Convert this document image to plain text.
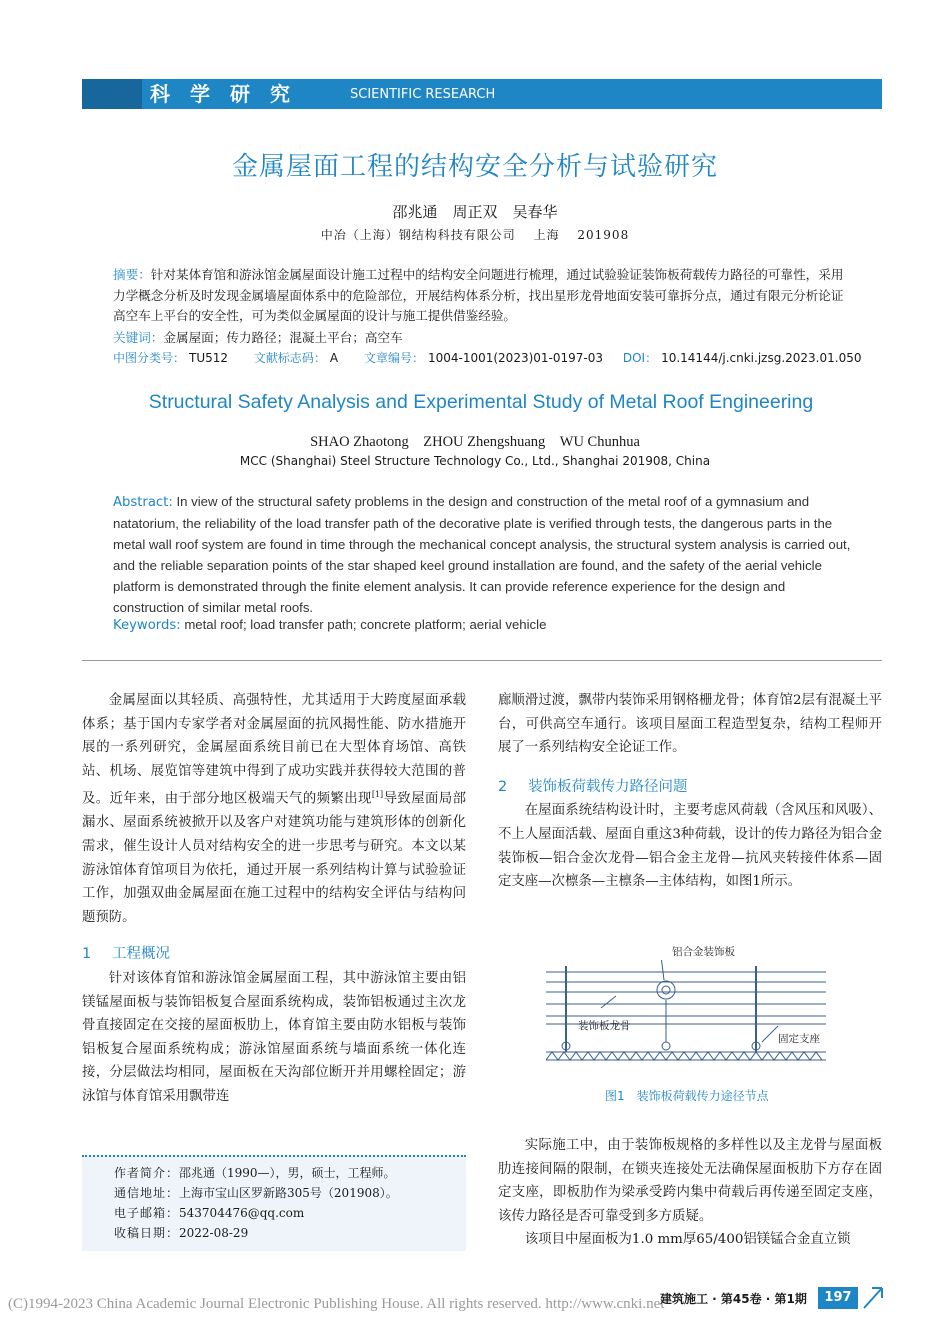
科学研究	SCIENTIFIC RESEARCH
金属屋面工程的结构安全分析与试验研究
邵兆通　周正双　吴春华
中冶（上海）钢结构科技有限公司　 上海　 201908
摘要：针对某体育馆和游泳馆金属屋面设计施工过程中的结构安全问题进行梳理，通过试验验证装饰板荷载传力路径的可靠性，采用力学概念分析及时发现金属墙屋面体系中的危险部位，开展结构体系分析，找出星形龙骨地面安装可靠拆分点，通过有限元分析论证高空车上平台的安全性，可为类似金属屋面的设计与施工提供借鉴经验。
关键词：金属屋面；传力路径；混凝土平台；高空车
中图分类号： TU512 文献标志码： A 文章编号： 1004-1001(2023)01-0197-03 DOI： 10.14144/j.cnki.jzsg.2023.01.050
Structural Safety Analysis and Experimental Study of Metal Roof Engineering
SHAO Zhaotong　ZHOU Zhengshuang　WU Chunhua
MCC (Shanghai) Steel Structure Technology Co., Ltd., Shanghai 201908, China
Abstract: In view of the structural safety problems in the design and construction of the metal roof of a gymnasium and natatorium, the reliability of the load transfer path of the decorative plate is verified through tests, the dangerous parts in the metal wall roof system are found in time through the mechanical concept analysis, the structural system analysis is carried out, and the reliable separation points of the star shaped keel ground installation are found, and the safety of the aerial vehicle platform is demonstrated through the finite element analysis. It can provide reference experience for the design and construction of similar metal roofs.
Keywords: metal roof; load transfer path; concrete platform; aerial vehicle

金属屋面以其轻质、高强特性，尤其适用于大跨度屋面承载体系；基于国内专家学者对金属屋面的抗风揭性能、防水措施开展的一系列研究，金属屋面系统目前已在大型体育场馆、高铁站、机场、展览馆等建筑中得到了成功实践并获得较大范围的普及。近年来，由于部分地区极端天气的频繁出现[1]导致屋面局部漏水、屋面系统被掀开以及客户对建筑功能与建筑形体的创新化需求，催生设计人员对结构安全的进一步思考与研究。本文以某游泳馆体育馆项目为依托，通过开展一系列结构计算与试验验证工作，加强双曲金属屋面在施工过程中的结构安全评估与结构问题预防。

1 工程概况

针对该体育馆和游泳馆金属屋面工程，其中游泳馆主要由铝镁锰屋面板与装饰铝板复合屋面系统构成，装饰铝板通过主次龙骨直接固定在交接的屋面板肋上，体育馆主要由防水铝板与装饰铝板复合屋面系统构成；游泳馆屋面系统与墙面系统一体化连接，分层做法均相同，屋面板在天沟部位断开并用螺栓固定；游泳馆与体育馆采用飘带连

作者简介：邵兆通（1990—），男，硕士，工程师。
通信地址：上海市宝山区罗新路305号（201908）。
电子邮箱：543704476@qq.com
收稿日期：2022-08-29

廊顺滑过渡，飘带内装饰采用钢格栅龙骨；体育馆2层有混凝土平台，可供高空车通行。该项目屋面工程造型复杂，结构工程师开展了一系列结构安全论证工作。

2 装饰板荷载传力路径问题

在屋面系统结构设计时，主要考虑风荷载（含风压和风吸）、不上人屋面活载、屋面自重这3种荷载，设计的传力路径为铝合金装饰板—铝合金次龙骨—铝合金主龙骨—抗风夹转接件体系—固定支座—次檩条—主檩条—主体结构，如图1所示。

铝合金装饰板
装饰板龙骨
固定支座
图1　装饰板荷载传力途径节点

实际施工中，由于装饰板规格的多样性以及主龙骨与屋面板肋连接间隔的限制，在锁夹连接处无法确保屋面板肋下方存在固定支座，即板肋作为梁承受跨内集中荷载后再传递至固定支座，该传力路径是否可靠受到多方质疑。

该项目中屋面板为1.0 mm厚65/400铝镁锰合金直立锁

(C)1994-2023 China Academic Journal Electronic Publishing House. All rights reserved. http://www.cnki.net
建筑施工 · 第45卷 · 第1期	197
